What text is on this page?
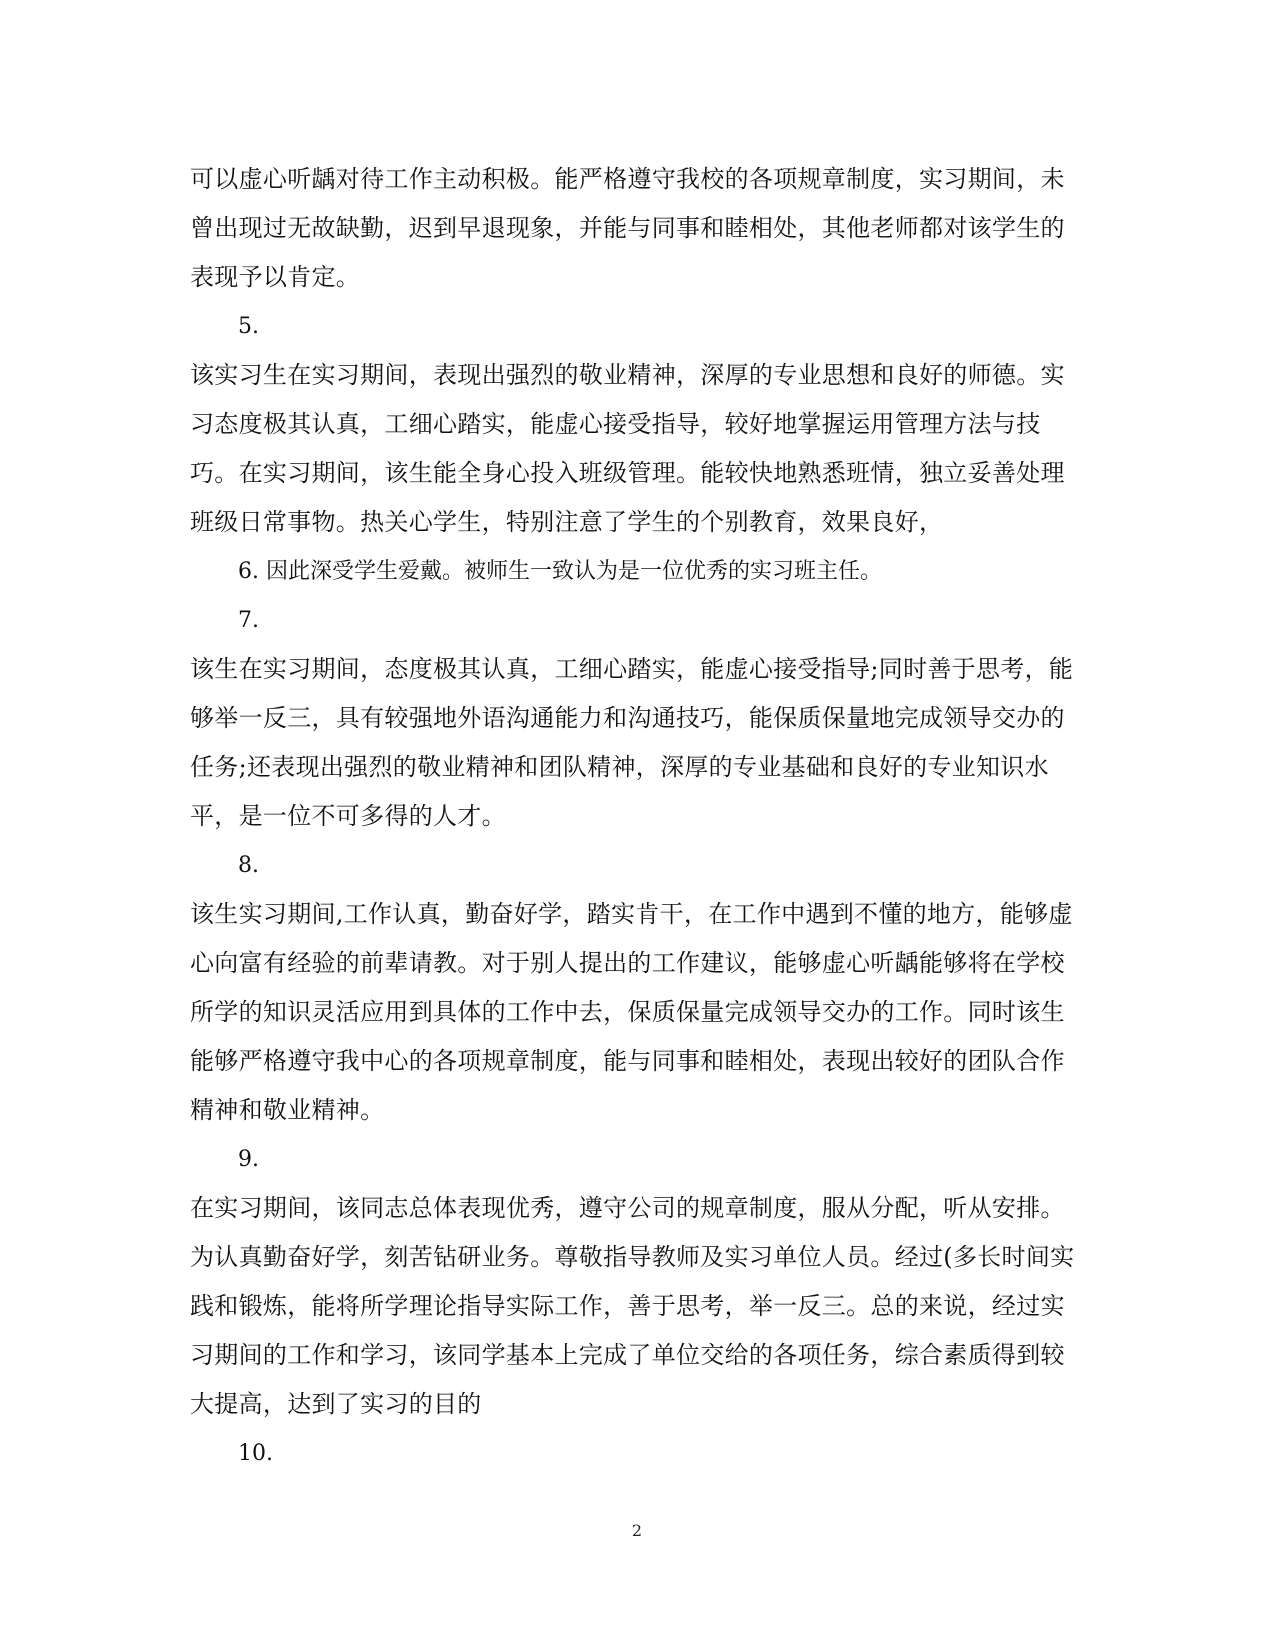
可以虚心听龋对待工作主动积极。能严格遵守我校的各项规章制度，实习期间，未曾出现过无故缺勤，迟到早退现象，并能与同事和睦相处，其他老师都对该学生的表现予以肯定。

5.

该实习生在实习期间，表现出强烈的敬业精神，深厚的专业思想和良好的师德。实习态度极其认真，工细心踏实，能虚心接受指导，较好地掌握运用管理方法与技巧。在实习期间，该生能全身心投入班级管理。能较快地熟悉班情，独立妥善处理班级日常事物。热关心学生，特别注意了学生的个别教育，效果良好，

6. 因此深受学生爱戴。被师生一致认为是一位优秀的实习班主任。

7.

该生在实习期间，态度极其认真，工细心踏实，能虚心接受指导;同时善于思考，能够举一反三，具有较强地外语沟通能力和沟通技巧，能保质保量地完成领导交办的任务;还表现出强烈的敬业精神和团队精神，深厚的专业基础和良好的专业知识水平，是一位不可多得的人才。

8.

该生实习期间,工作认真，勤奋好学，踏实肯干，在工作中遇到不懂的地方，能够虚心向富有经验的前辈请教。对于别人提出的工作建议，能够虚心听龋能够将在学校所学的知识灵活应用到具体的工作中去，保质保量完成领导交办的工作。同时该生能够严格遵守我中心的各项规章制度，能与同事和睦相处，表现出较好的团队合作精神和敬业精神。

9.

在实习期间，该同志总体表现优秀，遵守公司的规章制度，服从分配，听从安排。为认真勤奋好学，刻苦钻研业务。尊敬指导教师及实习单位人员。经过(多长时间实践和锻炼，能将所学理论指导实际工作，善于思考，举一反三。总的来说，经过实习期间的工作和学习，该同学基本上完成了单位交给的各项任务，综合素质得到较大提高，达到了实习的目的

10.

2
